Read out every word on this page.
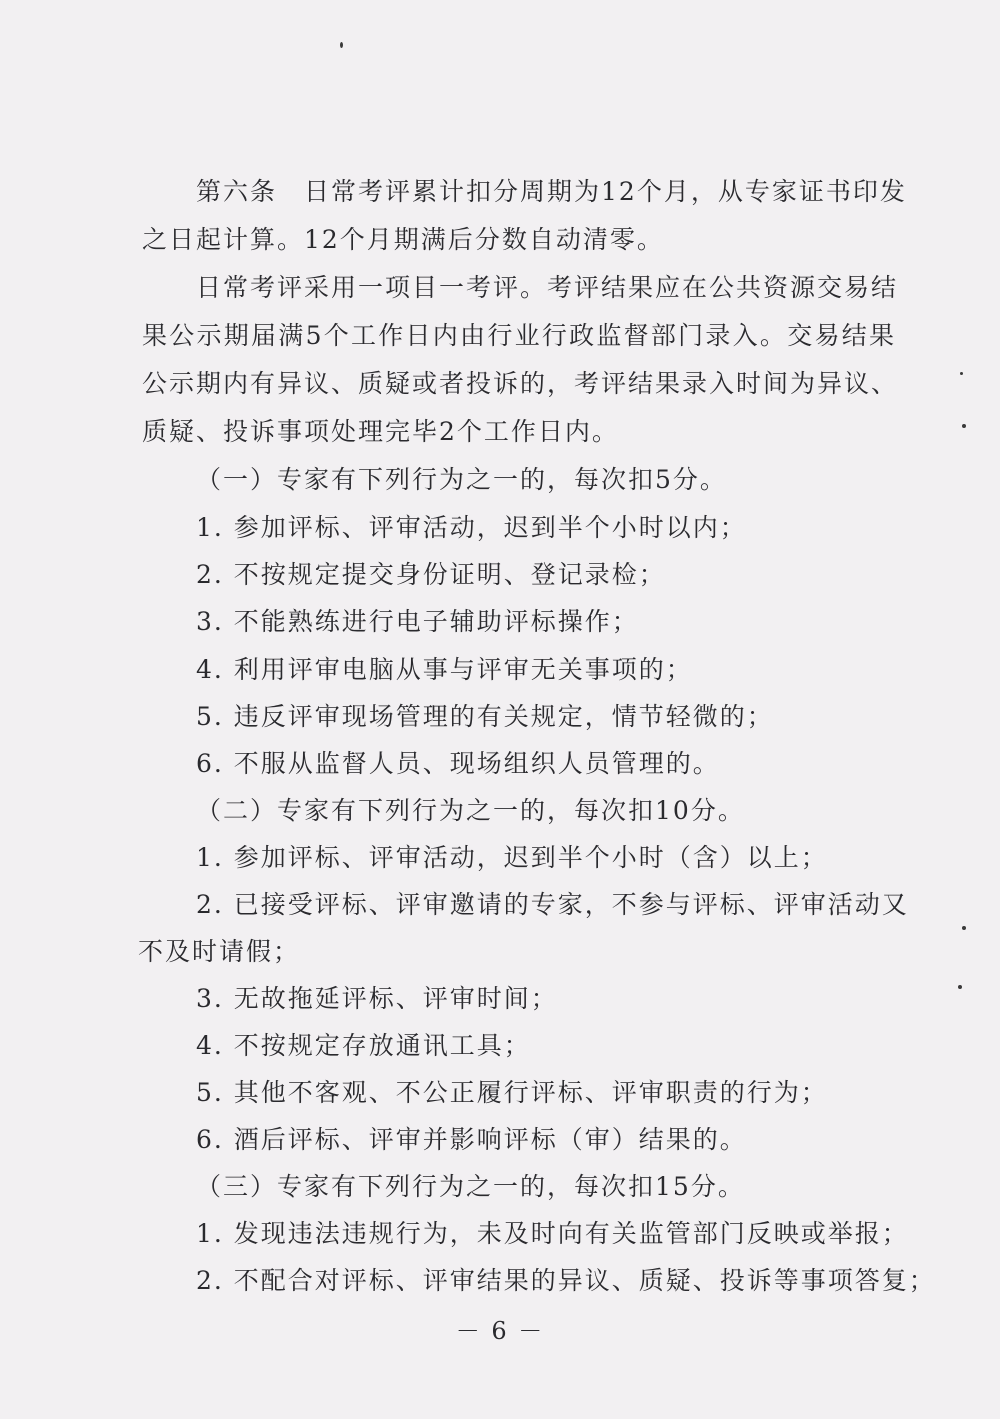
第六条　日常考评累计扣分周期为12个月，从专家证书印发
之日起计算。12个月期满后分数自动清零。
日常考评采用一项目一考评。考评结果应在公共资源交易结
果公示期届满5个工作日内由行业行政监督部门录入。交易结果
公示期内有异议、质疑或者投诉的，考评结果录入时间为异议、
质疑、投诉事项处理完毕2个工作日内。
（一）专家有下列行为之一的，每次扣5分。
1. 参加评标、评审活动，迟到半个小时以内；
2. 不按规定提交身份证明、登记录检；
3. 不能熟练进行电子辅助评标操作；
4. 利用评审电脑从事与评审无关事项的；
5. 违反评审现场管理的有关规定，情节轻微的；
6. 不服从监督人员、现场组织人员管理的。
（二）专家有下列行为之一的，每次扣10分。
1. 参加评标、评审活动，迟到半个小时（含）以上；
2. 已接受评标、评审邀请的专家，不参与评标、评审活动又
不及时请假；
3. 无故拖延评标、评审时间；
4. 不按规定存放通讯工具；
5. 其他不客观、不公正履行评标、评审职责的行为；
6. 酒后评标、评审并影响评标（审）结果的。
（三）专家有下列行为之一的，每次扣15分。
1. 发现违法违规行为，未及时向有关监管部门反映或举报；
2. 不配合对评标、评审结果的异议、质疑、投诉等事项答复；
－ 6 －
